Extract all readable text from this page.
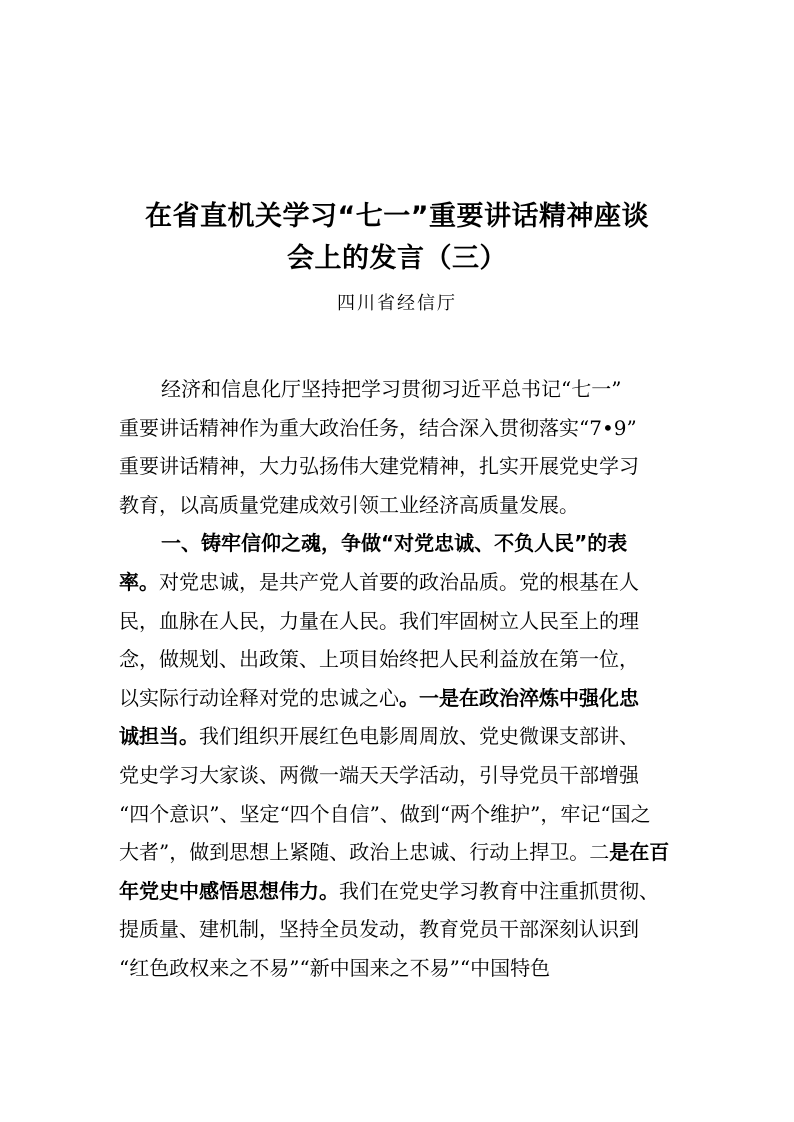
在省直机关学习“七一”重要讲话精神座谈
会上的发言（三）
四川省经信厅
经济和信息化厅坚持把学习贯彻习近平总书记“七一”
重要讲话精神作为重大政治任务，结合深入贯彻落实“7•9”
重要讲话精神，大力弘扬伟大建党精神，扎实开展党史学习
教育，以高质量党建成效引领工业经济高质量发展。
一、铸牢信仰之魂，争做“对党忠诚、不负人民”的表
率。 对党忠诚，是共产党人首要的政治品质。党的根基在人
民，血脉在人民，力量在人民。我们牢固树立人民至上的理
念，做规划、出政策、上项目始终把人民利益放在第一位，
以实际行动诠释对党的忠诚之心 。一是在政治淬炼中强化忠
诚担当。 我们组织开展红色电影周周放、党史微课支部讲、
党史学习大家谈、两微一端天天学活动，引导党员干部增强
“四个意识”、坚定“四个自信”、做到“两个维护”，牢记“国之
大者”，做到思想上紧随、政治上忠诚、行动上捍卫。二 是在百
年党史中感悟思想伟力。 我们在党史学习教育中注重抓贯彻、
提质量、建机制，坚持全员发动，教育党员干部深刻认识到
“红色政权来之不易”“新中国来之不易”“中国特色
